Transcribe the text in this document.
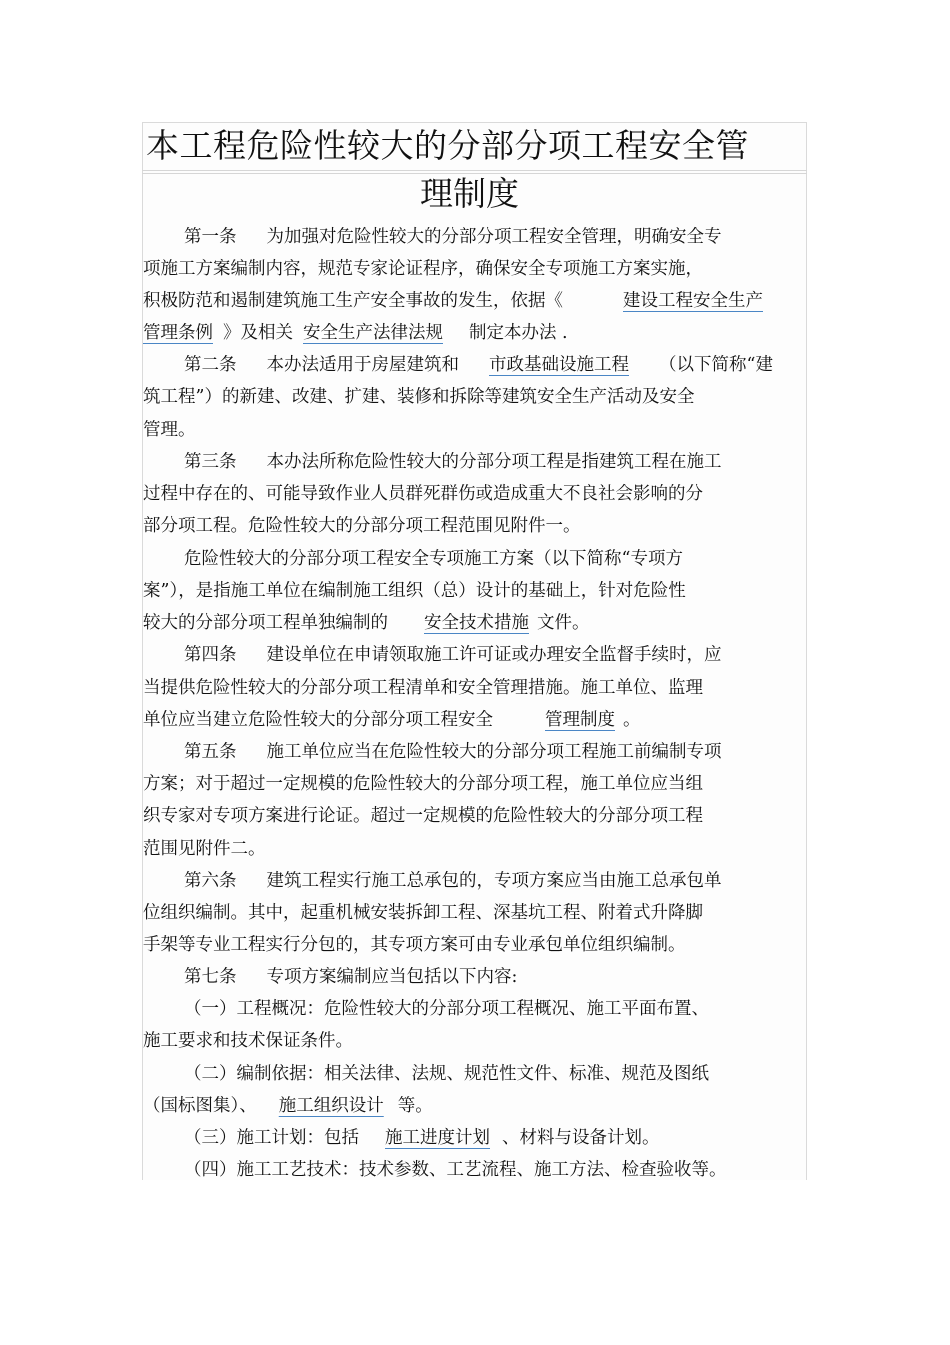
本工程危险性较大的分部分项工程安全管
理制度
第一条 为加强对危险性较大的分部分项工程安全管理，明确安全专
项施工方案编制内容，规范专家论证程序，确保安全专项施工方案实施，
积极防范和遏制建筑施工生产安全事故的发生，依据《	建设工程安全生产
管理条例 》及相关 安全生产法律法规 制定本办法 .
第二条 本办法适用于房屋建筑和 市政基础设施工程 （以下简称“建
筑工程”）的新建、改建、扩建、装修和拆除等建筑安全生产活动及安全
管理。
第三条 本办法所称危险性较大的分部分项工程是指建筑工程在施工
过程中存在的、可能导致作业人员群死群伤或造成重大不良社会影响的分
部分项工程。危险性较大的分部分项工程范围见附件一。
危险性较大的分部分项工程安全专项施工方案（以下简称“专项方
案”），是指施工单位在编制施工组织（总）设计的基础上，针对危险性
较大的分部分项工程单独编制的 安全技术措施 文件。
第四条 建设单位在申请领取施工许可证或办理安全监督手续时，应
当提供危险性较大的分部分项工程清单和安全管理措施。施工单位、监理
单位应当建立危险性较大的分部分项工程安全	管理制度 。
第五条 施工单位应当在危险性较大的分部分项工程施工前编制专项
方案；对于超过一定规模的危险性较大的分部分项工程，施工单位应当组
织专家对专项方案进行论证。超过一定规模的危险性较大的分部分项工程
范围见附件二。
第六条 建筑工程实行施工总承包的，专项方案应当由施工总承包单
位组织编制。其中，起重机械安装拆卸工程、深基坑工程、附着式升降脚
手架等专业工程实行分包的，其专项方案可由专业承包单位组织编制。
第七条 专项方案编制应当包括以下内容:
（一）工程概况：危险性较大的分部分项工程概况、施工平面布置、
施工要求和技术保证条件。
（二）编制依据：相关法律、法规、规范性文件、标准、规范及图纸
（国标图集）、 施工组织设计 等。
（三）施工计划：包括 施工进度计划 、材料与设备计划。
（四）施工工艺技术：技术参数、工艺流程、施工方法、检查验收等。
